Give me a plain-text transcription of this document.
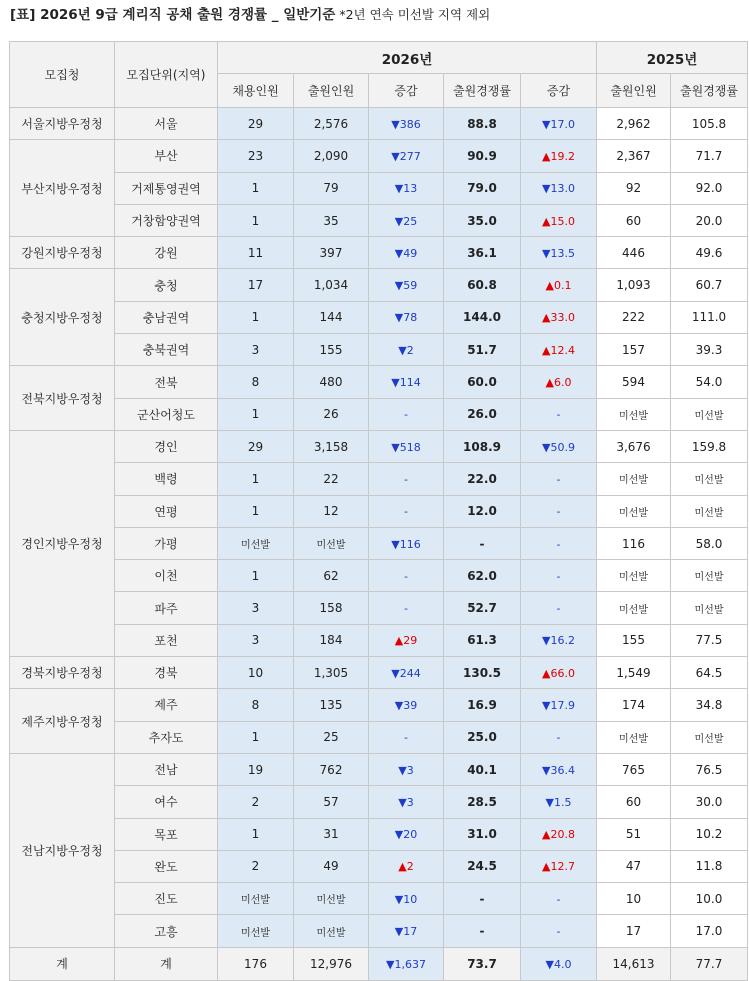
[표] 2026년 9급 계리직 공채 출원 경쟁률 _ 일반기준 *2년 연속 미선발 지역 제외
모집청	모집단위(지역)	2026년					2025년	
		채용인원	출원인원	증감	출원경쟁률	증감	출원인원	출원경쟁률
서울지방우정청	서울	29	2,576	▼386	88.8	▼17.0	2,962	105.8
부산지방우정청	부산	23	2,090	▼277	90.9	▲19.2	2,367	71.7
	거제통영권역	1	79	▼13	79.0	▼13.0	92	92.0
	거창함양권역	1	35	▼25	35.0	▲15.0	60	20.0
강원지방우정청	강원	11	397	▼49	36.1	▼13.5	446	49.6
충청지방우정청	충청	17	1,034	▼59	60.8	▲0.1	1,093	60.7
	충남권역	1	144	▼78	144.0	▲33.0	222	111.0
	충북권역	3	155	▼2	51.7	▲12.4	157	39.3
전북지방우정청	전북	8	480	▼114	60.0	▲6.0	594	54.0
	군산어청도	1	26	-	26.0	-	미선발	미선발
경인지방우정청	경인	29	3,158	▼518	108.9	▼50.9	3,676	159.8
	백령	1	22	-	22.0	-	미선발	미선발
	연평	1	12	-	12.0	-	미선발	미선발
	가평	미선발	미선발	▼116	-	-	116	58.0
	이천	1	62	-	62.0	-	미선발	미선발
	파주	3	158	-	52.7	-	미선발	미선발
	포천	3	184	▲29	61.3	▼16.2	155	77.5
경북지방우정청	경북	10	1,305	▼244	130.5	▲66.0	1,549	64.5
제주지방우정청	제주	8	135	▼39	16.9	▼17.9	174	34.8
	추자도	1	25	-	25.0	-	미선발	미선발
전남지방우정청	전남	19	762	▼3	40.1	▼36.4	765	76.5
	여수	2	57	▼3	28.5	▼1.5	60	30.0
	목포	1	31	▼20	31.0	▲20.8	51	10.2
	완도	2	49	▲2	24.5	▲12.7	47	11.8
	진도	미선발	미선발	▼10	-	-	10	10.0
	고흥	미선발	미선발	▼17	-	-	17	17.0
계	계	176	12,976	▼1,637	73.7	▼4.0	14,613	77.7
